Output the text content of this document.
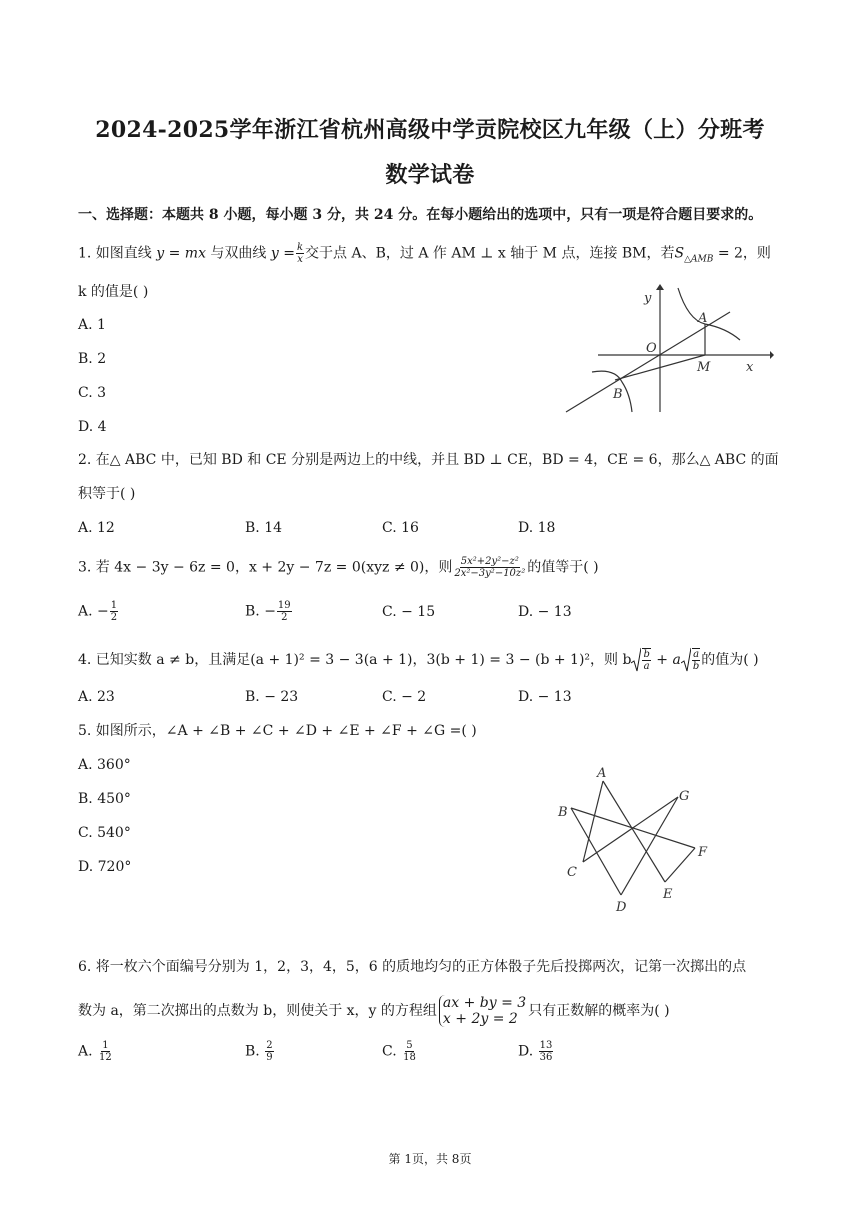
2024-2025学年浙江省杭州高级中学贡院校区九年级（上）分班考
数学试卷
一、选择题：本题共 8 小题，每小题 3 分，共 24 分。在每小题给出的选项中，只有一项是符合题目要求的。
1. 如图直线 y = mx 与双曲线 $y = \frac{k}{x}$ 交于点 A、B，过 A 作 AM ⊥ x 轴于 M 点，连接 BM，若$S_{\triangle AMB} = 2$，则
k 的值是( )
A. 1
B. 2
C. 3
D. 4
y
A
O
M	x
B
2. 在△ ABC 中，已知 BD 和 CE 分别是两边上的中线，并且 BD ⊥ CE，BD = 4，CE = 6，那么△ ABC 的面
积等于( )
A. 12	B. 14	C. 16	D. 18
3. 若 4x − 3y − 6z = 0，x + 2y − 7z = 0(xyz ≠ 0)，则 $\frac{\text{5x²+2y²−z²}}{\text{2x²−3y²−10z²}}$ 的值等于( )
A. − $\frac{1}{2}$	B. − $\frac{19}{2}$	C. − 15	D. − 13
4. 已知实数 a ≠ b，且满足(a + 1)² = 3 − 3(a + 1)，3(b + 1) = 3 − (b + 1)²，则 b $\frac{b}{a} + a \frac{a}{b}$ 的值为( )
A. 23	B. − 23	C. − 2	D. − 13
5. 如图所示，∠A + ∠B + ∠C + ∠D + ∠E + ∠F + ∠G =( )
A. 360°
B. 450°
C. 540°
D. 720°
A
G
B
F
C
E
D
6. 将一枚六个面编号分别为 1，2，3，4，5，6 的质地均匀的正方体骰子先后投掷两次，记第一次掷出的点
数为 a，第二次掷出的点数为 b，则使关于 x，y 的方程组 ax + by = 3
x + 2y = 2 只有正数解的概率为( )
A. $\frac{1}{12}$	B. $\frac{2}{9}$	C. $\frac{5}{18}$	D. $\frac{13}{36}$
第 1页，共 8页
